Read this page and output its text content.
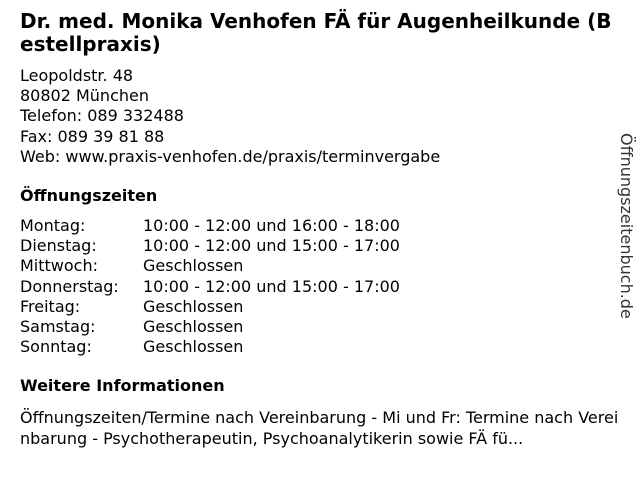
Dr. med. Monika Venhofen FÄ für Augenheilkunde (Bestellpraxis)
Leopoldstr. 48
80802 München
Telefon: 089 332488
Fax: 089 39 81 88
Web: www.praxis-venhofen.de/praxis/terminvergabe
Öffnungszeiten
Montag:	10:00 - 12:00 und 16:00 - 18:00
Dienstag:	10:00 - 12:00 und 15:00 - 17:00
Mittwoch:	Geschlossen
Donnerstag:	10:00 - 12:00 und 15:00 - 17:00
Freitag:	Geschlossen
Samstag:	Geschlossen
Sonntag:	Geschlossen
Weitere Informationen
Öffnungszeiten/Termine nach Vereinbarung - Mi und Fr: Termine nach Vereinbarung - Psychotherapeutin, Psychoanalytikerin sowie FÄ fü...
Öffnungszeitenbuch.de
